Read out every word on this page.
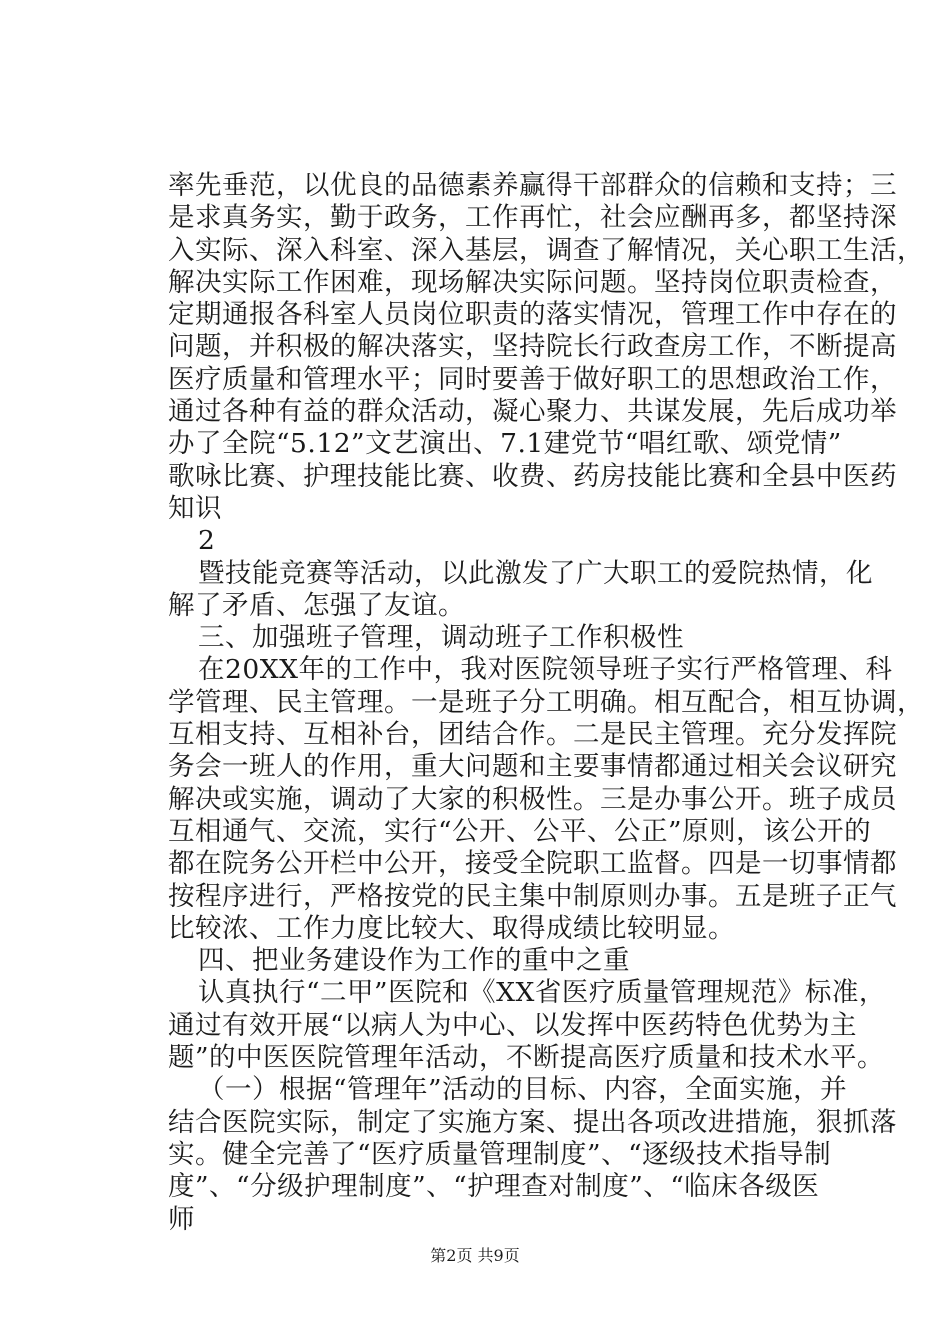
率先垂范，以优良的品德素养赢得干部群众的信赖和支持；三
是求真务实，勤于政务，工作再忙，社会应酬再多，都坚持深
入实际、深入科室、深入基层，调查了解情况，关心职工生活，
解决实际工作困难，现场解决实际问题。坚持岗位职责检查，
定期通报各科室人员岗位职责的落实情况，管理工作中存在的
问题，并积极的解决落实，坚持院长行政查房工作，不断提高
医疗质量和管理水平；同时要善于做好职工的思想政治工作，
通过各种有益的群众活动，凝心聚力、共谋发展，先后成功举
办了全院“5.12”文艺演出、7.1建党节“唱红歌、颂党情”
歌咏比赛、护理技能比赛、收费、药房技能比赛和全县中医药
知识
2
暨技能竞赛等活动，以此激发了广大职工的爱院热情，化
解了矛盾、怎强了友谊。
三、加强班子管理，调动班子工作积极性
在20XX年的工作中，我对医院领导班子实行严格管理、科
学管理、民主管理。一是班子分工明确。相互配合，相互协调，
互相支持、互相补台，团结合作。二是民主管理。充分发挥院
务会一班人的作用，重大问题和主要事情都通过相关会议研究
解决或实施，调动了大家的积极性。三是办事公开。班子成员
互相通气、交流，实行“公开、公平、公正”原则，该公开的
都在院务公开栏中公开，接受全院职工监督。四是一切事情都
按程序进行，严格按党的民主集中制原则办事。五是班子正气
比较浓、工作力度比较大、取得成绩比较明显。
四、把业务建设作为工作的重中之重
认真执行“二甲”医院和《XX省医疗质量管理规范》标准，
通过有效开展“以病人为中心、以发挥中医药特色优势为主
题”的中医医院管理年活动，不断提高医疗质量和技术水平。
（一）根据“管理年”活动的目标、内容，全面实施，并
结合医院实际，制定了实施方案、提出各项改进措施，狠抓落
实。健全完善了“医疗质量管理制度”、“逐级技术指导制
度”、“分级护理制度”、“护理查对制度”、“临床各级医
师
第2页 共9页
